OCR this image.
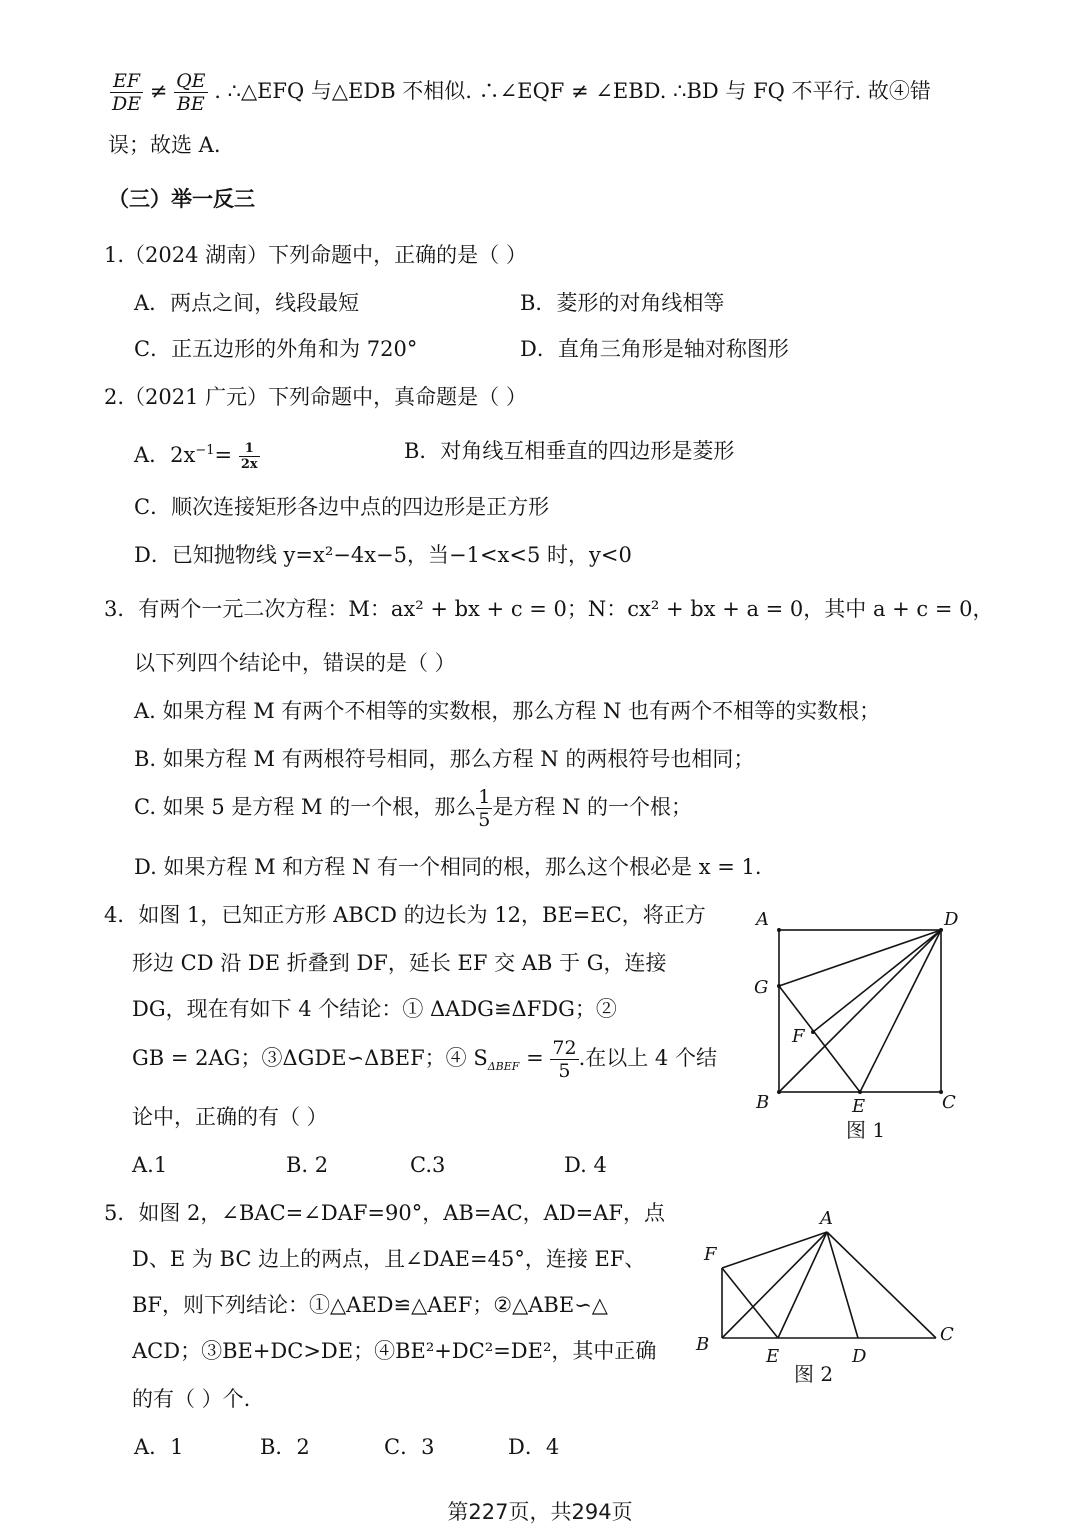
$\frac{EF}{DE} \ne \frac{QE}{BE}$ . ∴△EFQ 与△EDB 不相似. ∴∠EQF ≠ ∠EBD. ∴BD 与 FQ 不平行. 故④错
误；故选 A.
（三）举一反三
1.（2024 湖南）下列命题中，正确的是（ ）
A．两点之间，线段最短	B．菱形的对角线相等
C．正五边形的外角和为 720°	D．直角三角形是轴对称图形
2.（2021 广元）下列命题中，真命题是（ ）
A．$2x^{-1}= \frac{1}{2x}$	B．对角线互相垂直的四边形是菱形
C．顺次连接矩形各边中点的四边形是正方形
D．已知抛物线 y=x²−4x−5，当−1<x<5 时，y<0
3．有两个一元二次方程：M：ax² + bx + c = 0；N：cx² + bx + a = 0，其中 a + c = 0，
以下列四个结论中，错误的是（ ）
A. 如果方程 M 有两个不相等的实数根，那么方程 N 也有两个不相等的实数根；
B. 如果方程 M 有两根符号相同，那么方程 N 的两根符号也相同；
C. 如果 5 是方程 M 的一个根，那么 $\frac{1}{5}$ 是方程 N 的一个根；
D. 如果方程 M 和方程 N 有一个相同的根，那么这个根必是 x = 1.
4．如图 1，已知正方形 ABCD 的边长为 12，BE=EC，将正方
形边 CD 沿 DE 折叠到 DF，延长 EF 交 AB 于 G，连接
DG，现在有如下 4 个结论：① ΔADG≌ΔFDG；②
GB = 2AG；③ΔGDE∽ΔBEF；④ $S_{\Delta BEF} = \frac{72}{5}$ .在以上 4 个结
论中，正确的有（ ）
A.1	B. 2	C.3	D. 4
A	D
G
F
B	E	C
图 1
5．如图 2，∠BAC=∠DAF=90°，AB=AC，AD=AF，点
D、E 为 BC 边上的两点，且∠DAE=45°，连接 EF、
BF，则下列结论：①△AED≌△AEF；②△ABE∽△
ACD；③BE+DC>DE；④BE²+DC²=DE²，其中正确
的有（ ）个.
A．1	B．2	C．3	D．4
A
F
B
E	D
C
图 2
第227页，共294页
